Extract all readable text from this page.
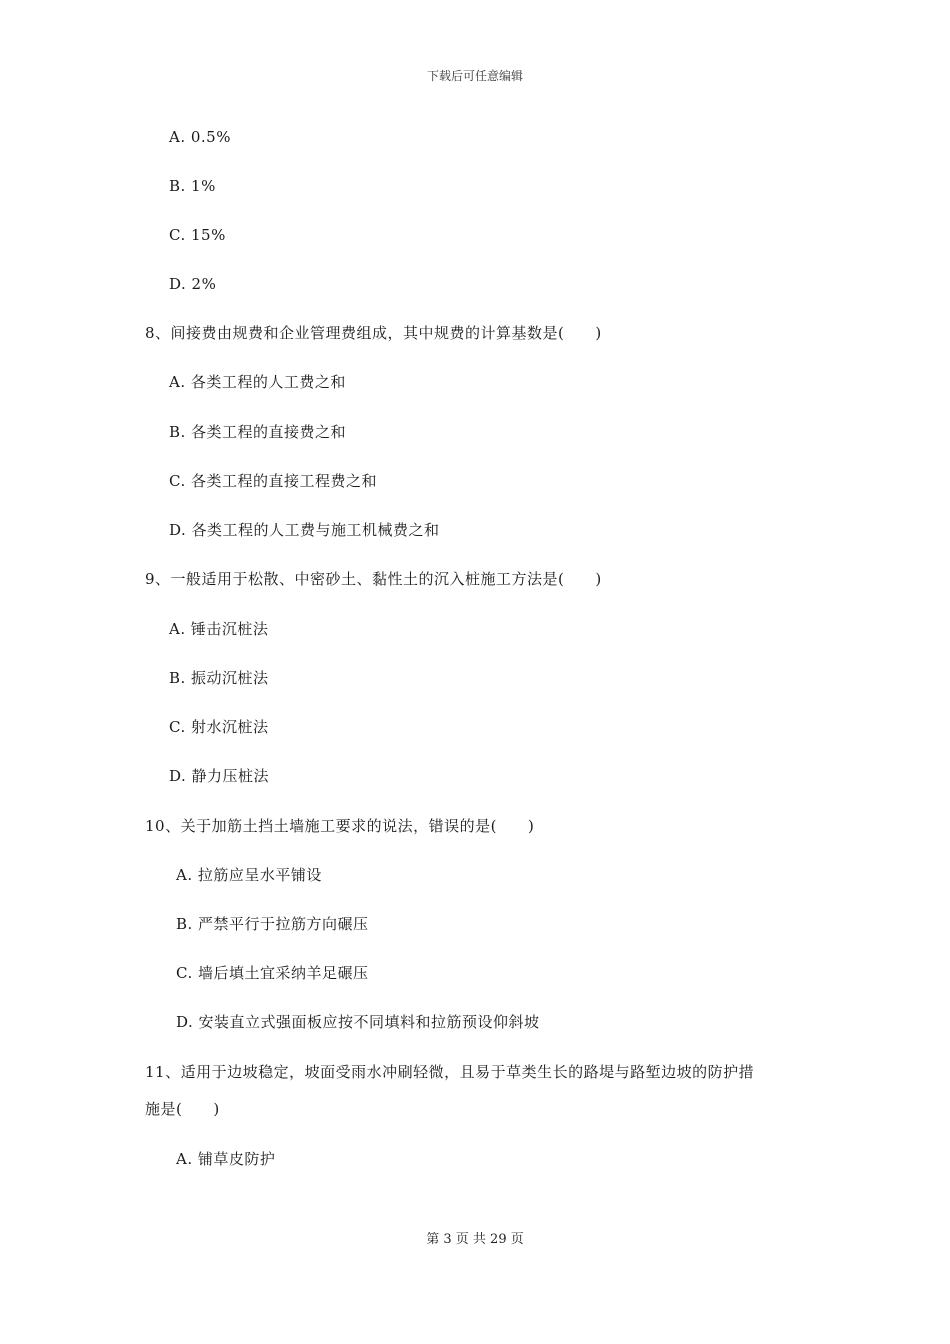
下载后可任意编辑
A. 0.5%
B. 1%
C. 15%
D. 2%
8、间接费由规费和企业管理费组成，其中规费的计算基数是(　　)
A. 各类工程的人工费之和
B. 各类工程的直接费之和
C. 各类工程的直接工程费之和
D. 各类工程的人工费与施工机械费之和
9、一般适用于松散、中密砂土、黏性土的沉入桩施工方法是(　　)
A. 锤击沉桩法
B. 振动沉桩法
C. 射水沉桩法
D. 静力压桩法
10、关于加筋土挡土墙施工要求的说法，错误的是(　　)
A. 拉筋应呈水平铺设
B. 严禁平行于拉筋方向碾压
C. 墙后填土宜采纳羊足碾压
D. 安装直立式强面板应按不同填料和拉筋预设仰斜坡
11、适用于边坡稳定，坡面受雨水冲刷轻微，且易于草类生长的路堤与路堑边坡的防护措
施是(　　)
A. 铺草皮防护
第 3 页 共 29 页
